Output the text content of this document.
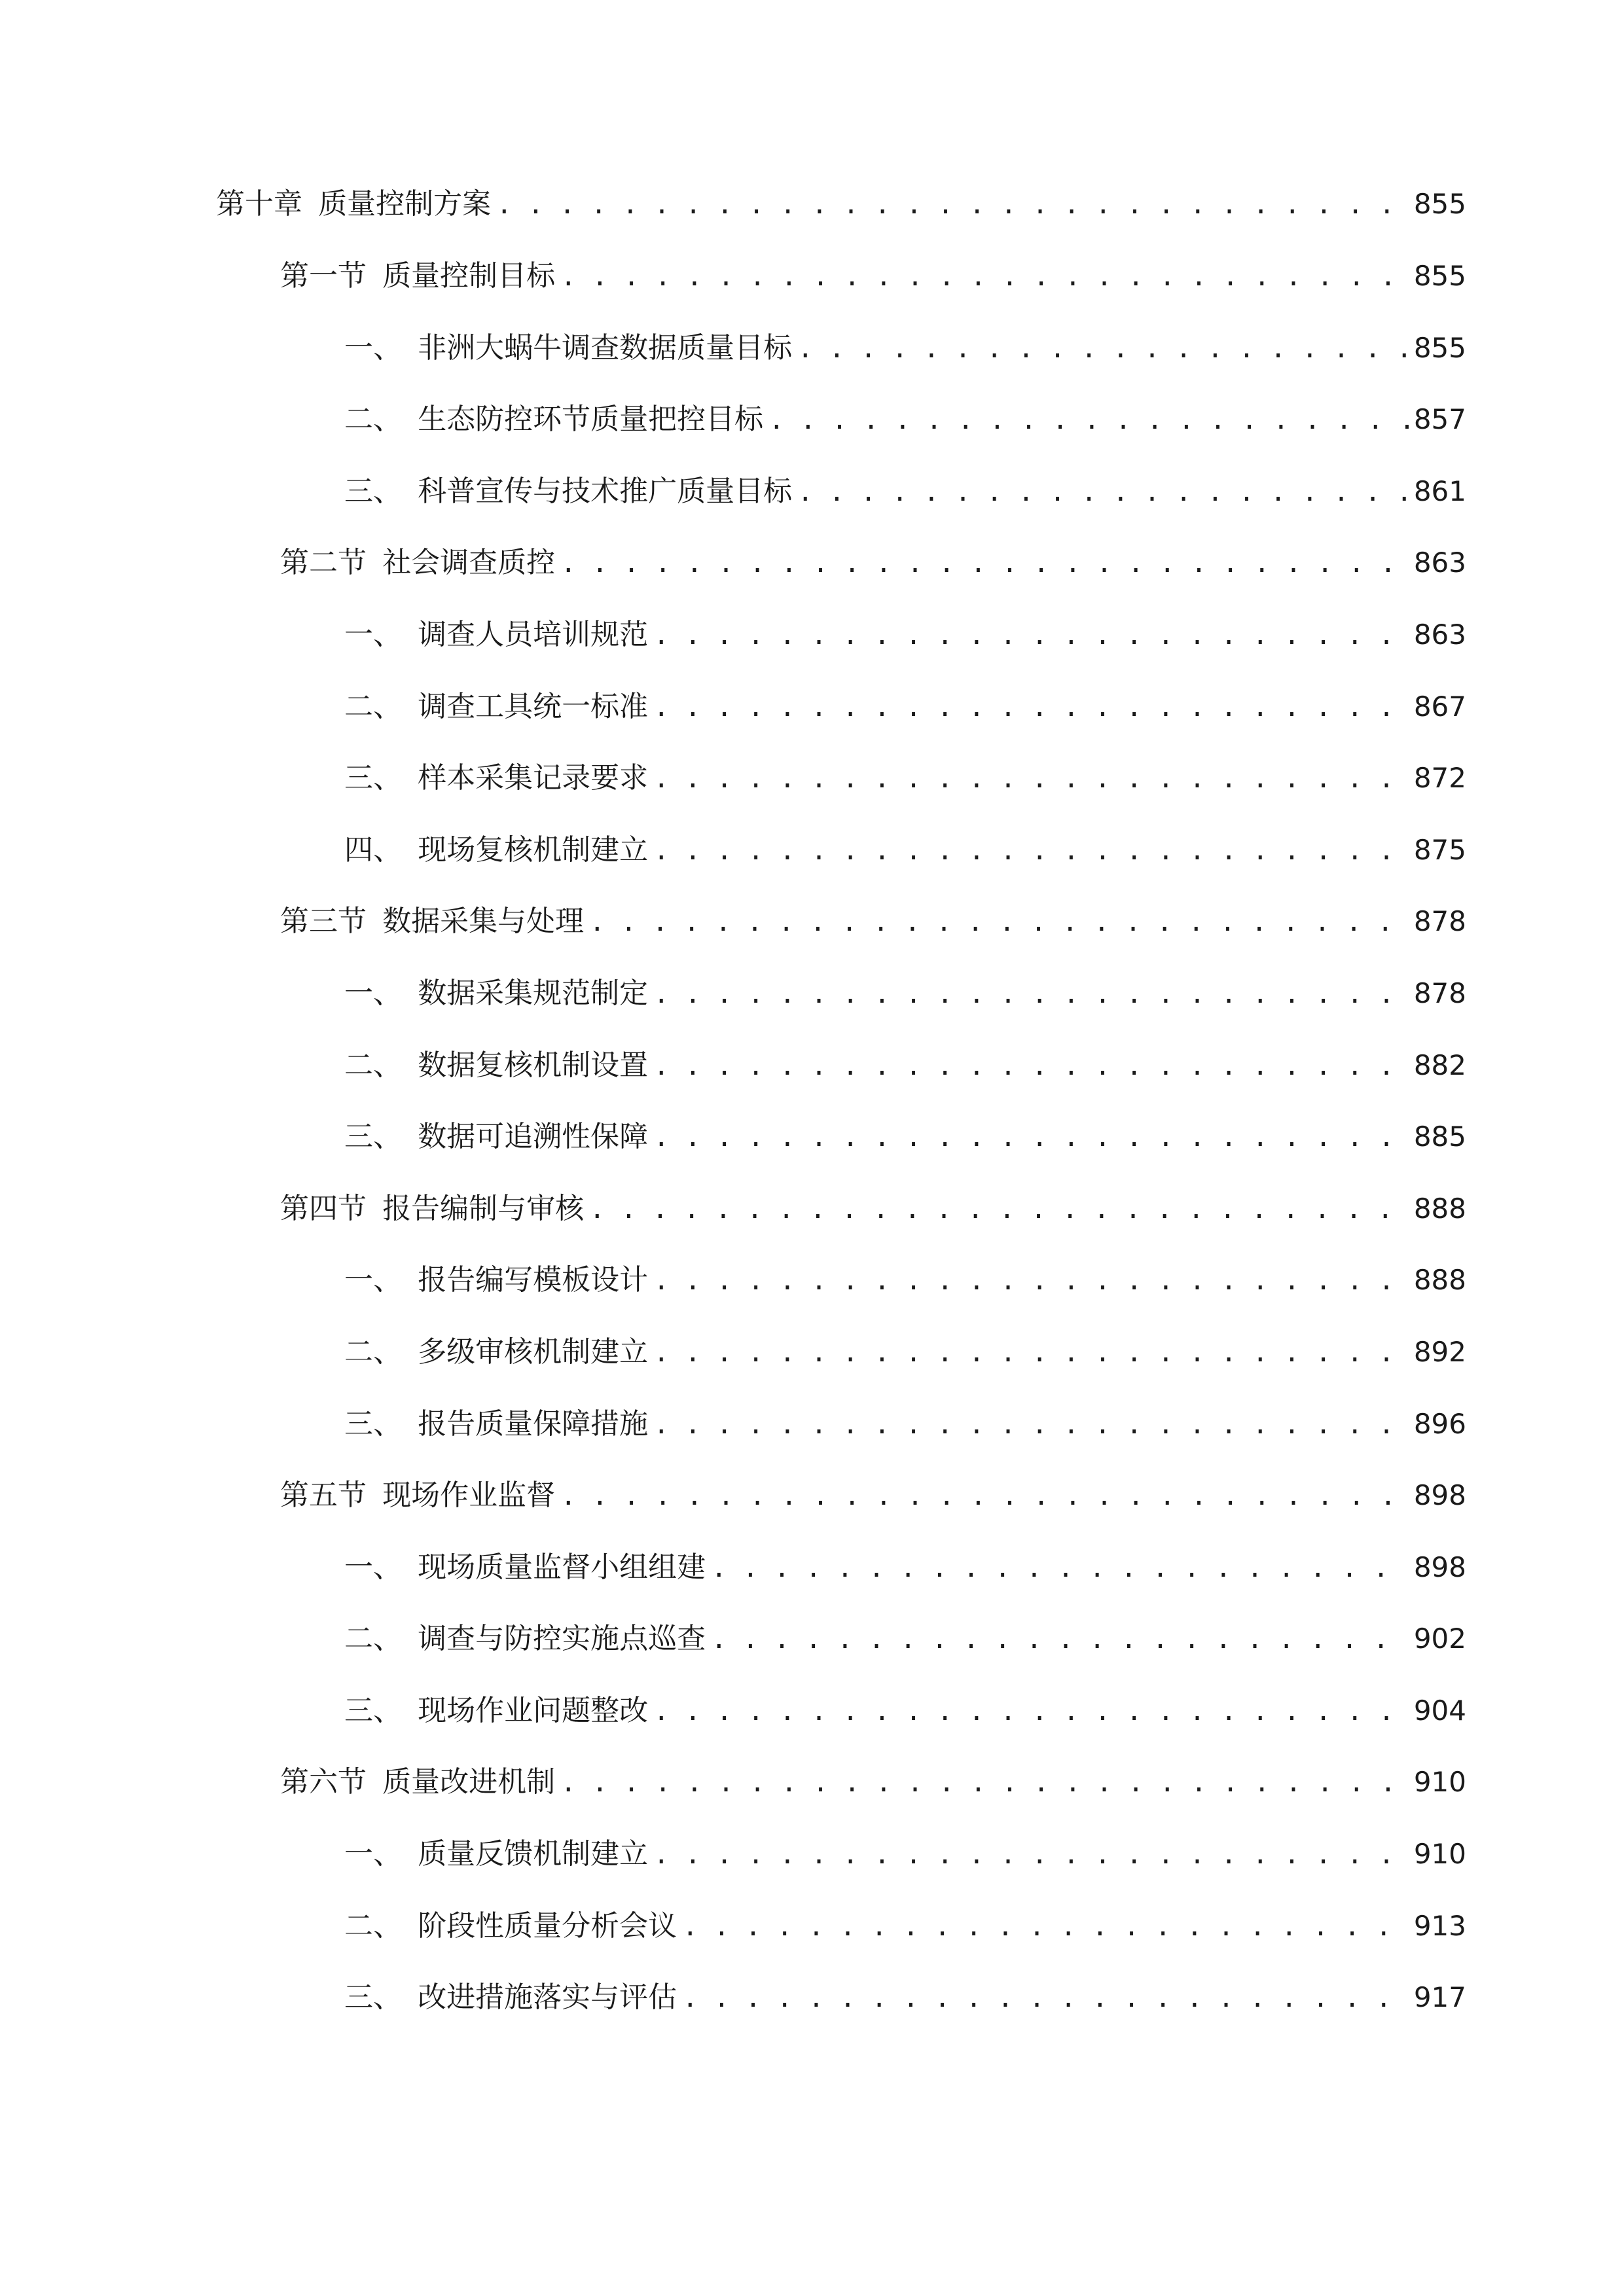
第十章 质量控制方案 . . .	855
第一节 质量控制目标 . . .	855
一、 非洲大蜗牛调查数据质量目标 . . .	855
二、 生态防控环节质量把控目标 . . .	857
三、 科普宣传与技术推广质量目标 . . .	861
第二节 社会调查质控 . . .	863
一、 调查人员培训规范 . . .	863
二、 调查工具统一标准 . . .	867
三、 样本采集记录要求 . . .	872
四、 现场复核机制建立 . . .	875
第三节 数据采集与处理 . . .	878
一、 数据采集规范制定 . . .	878
二、 数据复核机制设置 . . .	882
三、 数据可追溯性保障 . . .	885
第四节 报告编制与审核 . . .	888
一、 报告编写模板设计 . . .	888
二、 多级审核机制建立 . . .	892
三、 报告质量保障措施 . . .	896
第五节 现场作业监督 . . .	898
一、 现场质量监督小组组建 . . .	898
二、 调查与防控实施点巡查 . . .	902
三、 现场作业问题整改 . . .	904
第六节 质量改进机制 . . .	910
一、 质量反馈机制建立 . . .	910
二、 阶段性质量分析会议 . . .	913
三、 改进措施落实与评估 . . .	917
